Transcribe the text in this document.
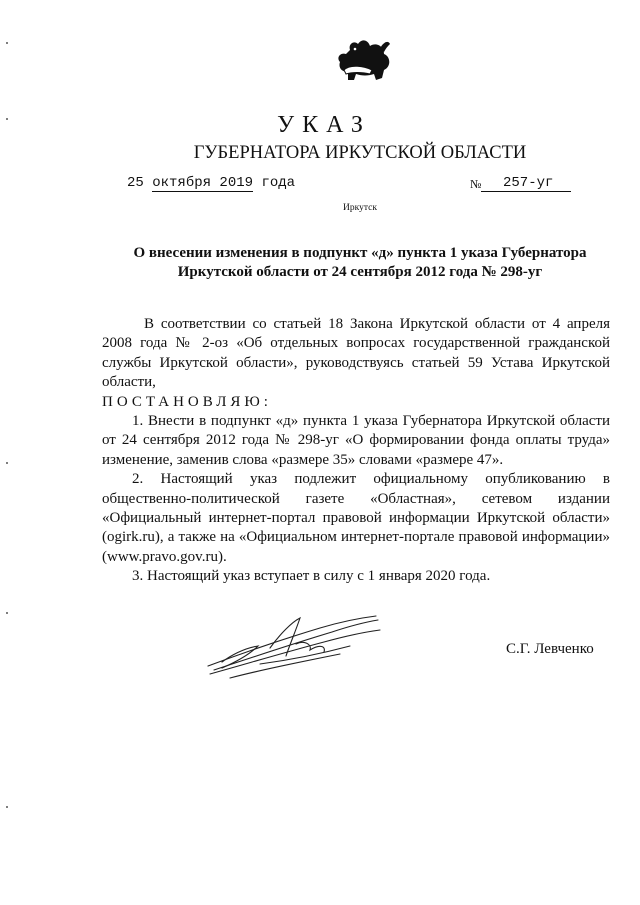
УКАЗ
ГУБЕРНАТОРА ИРКУТСКОЙ ОБЛАСТИ
25 октября 2019 года	№	257-уг
Иркутск
О внесении изменения в подпункт «д» пункта 1 указа Губернатора
Иркутской области от 24 сентября 2012 года № 298-уг

В соответствии со статьей 18 Закона Иркутской области от 4 апреля 2008 года № 2-оз «Об отдельных вопросах государственной гражданской службы Иркутской области», руководствуясь статьей 59 Устава Иркутской области,

ПОСТАНОВЛЯЮ:

1. Внести в подпункт «д» пункта 1 указа Губернатора Иркутской области от 24 сентября 2012 года № 298-уг «О формировании фонда оплаты труда» изменение, заменив слова «размере 35» словами «размере 47».

2. Настоящий указ подлежит официальному опубликованию в общественно-политической газете «Областная», сетевом издании «Официальный интернет-портал правовой информации Иркутской области» (ogirk.ru), а также на «Официальном интернет-портале правовой информации» (www.pravo.gov.ru).

3. Настоящий указ вступает в силу с 1 января 2020 года.

С.Г. Левченко
